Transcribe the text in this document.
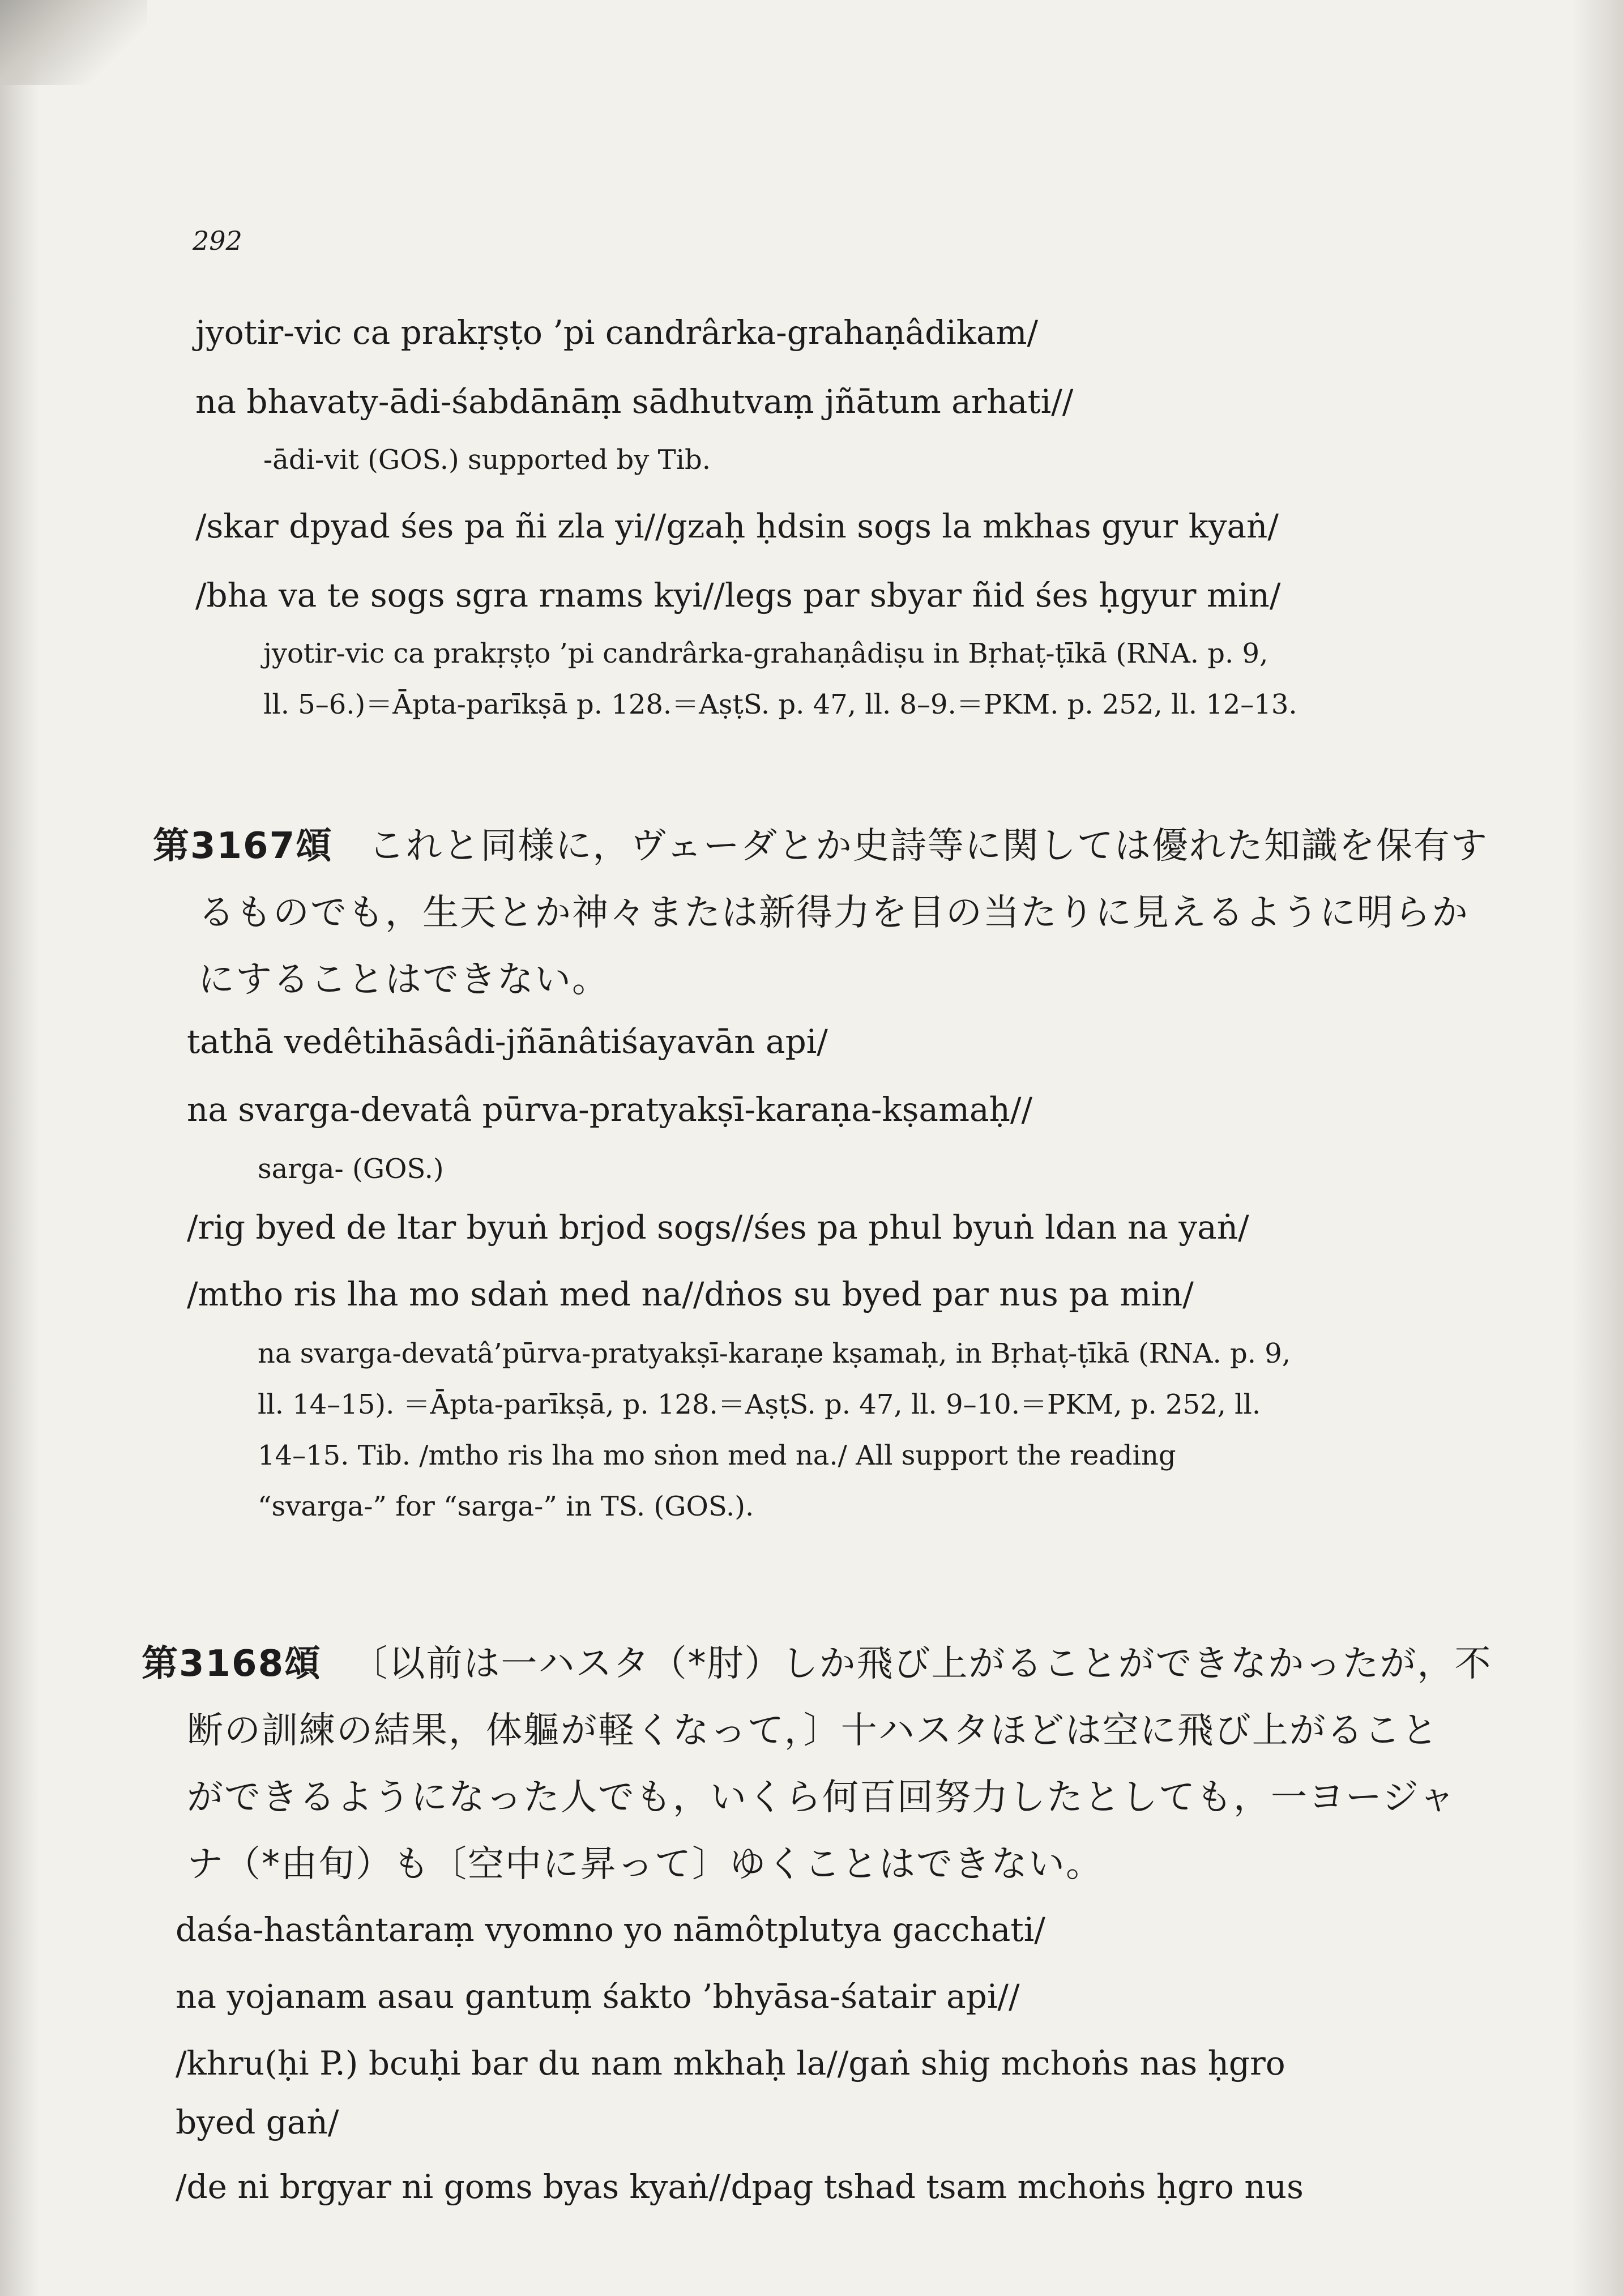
292
jyotir-vic ca prakṛṣṭo ’pi candrârka-grahaṇâdikam/
na bhavaty-ādi-śabdānāṃ sādhutvaṃ jñātum arhati//
-ādi-vit (GOS.) supported by Tib.
/skar dpyad śes pa ñi zla yi//gzaḥ ḥdsin sogs la mkhas gyur kyaṅ/
/bha va te sogs sgra rnams kyi//legs par sbyar ñid śes ḥgyur min/
jyotir-vic ca prakṛṣṭo ’pi candrârka-grahaṇâdiṣu in Bṛhaṭ-ṭīkā (RNA. p. 9,
ll. 5–6.)＝Āpta-parīkṣā p. 128.＝AṣṭS. p. 47, ll. 8–9.＝PKM. p. 252, ll. 12–13.
第3167頌 これと同様に，ヴェーダとか史詩等に関しては優れた知識を保有す
るものでも，生天とか神々または新得力を目の当たりに見えるように明らか
にすることはできない。
tathā vedêtihāsâdi-jñānâtiśayavān api/
na svarga-devatâ pūrva-pratyakṣī-karaṇa-kṣamaḥ//
sarga- (GOS.)
/rig byed de ltar byuṅ brjod sogs//śes pa phul byuṅ ldan na yaṅ/
/mtho ris lha mo sdaṅ med na//dṅos su byed par nus pa min/
na svarga-devatâ’pūrva-pratyakṣī-karaṇe kṣamaḥ, in Bṛhaṭ-ṭīkā (RNA. p. 9,
ll. 14–15). ＝Āpta-parīkṣā, p. 128.＝AṣṭS. p. 47, ll. 9–10.＝PKM, p. 252, ll.
14–15. Tib. /mtho ris lha mo sṅon med na./ All support the reading
“svarga-” for “sarga-” in TS. (GOS.).
第3168頌 〔以前は一ハスタ（*肘）しか飛び上がることができなかったが，不
断の訓練の結果，体軀が軽くなって，〕十ハスタほどは空に飛び上がること
ができるようになった人でも，いくら何百回努力したとしても，一ヨージャ
ナ（*由旬）も〔空中に昇って〕ゆくことはできない。
daśa-hastântaraṃ vyomno yo nāmôtplutya gacchati/
na yojanam asau gantuṃ śakto ’bhyāsa-śatair api//
/khru(ḥi P.) bcuḥi bar du nam mkhaḥ la//gaṅ shig mchoṅs nas ḥgro
byed gaṅ/
/de ni brgyar ni goms byas kyaṅ//dpag tshad tsam mchoṅs ḥgro nus
